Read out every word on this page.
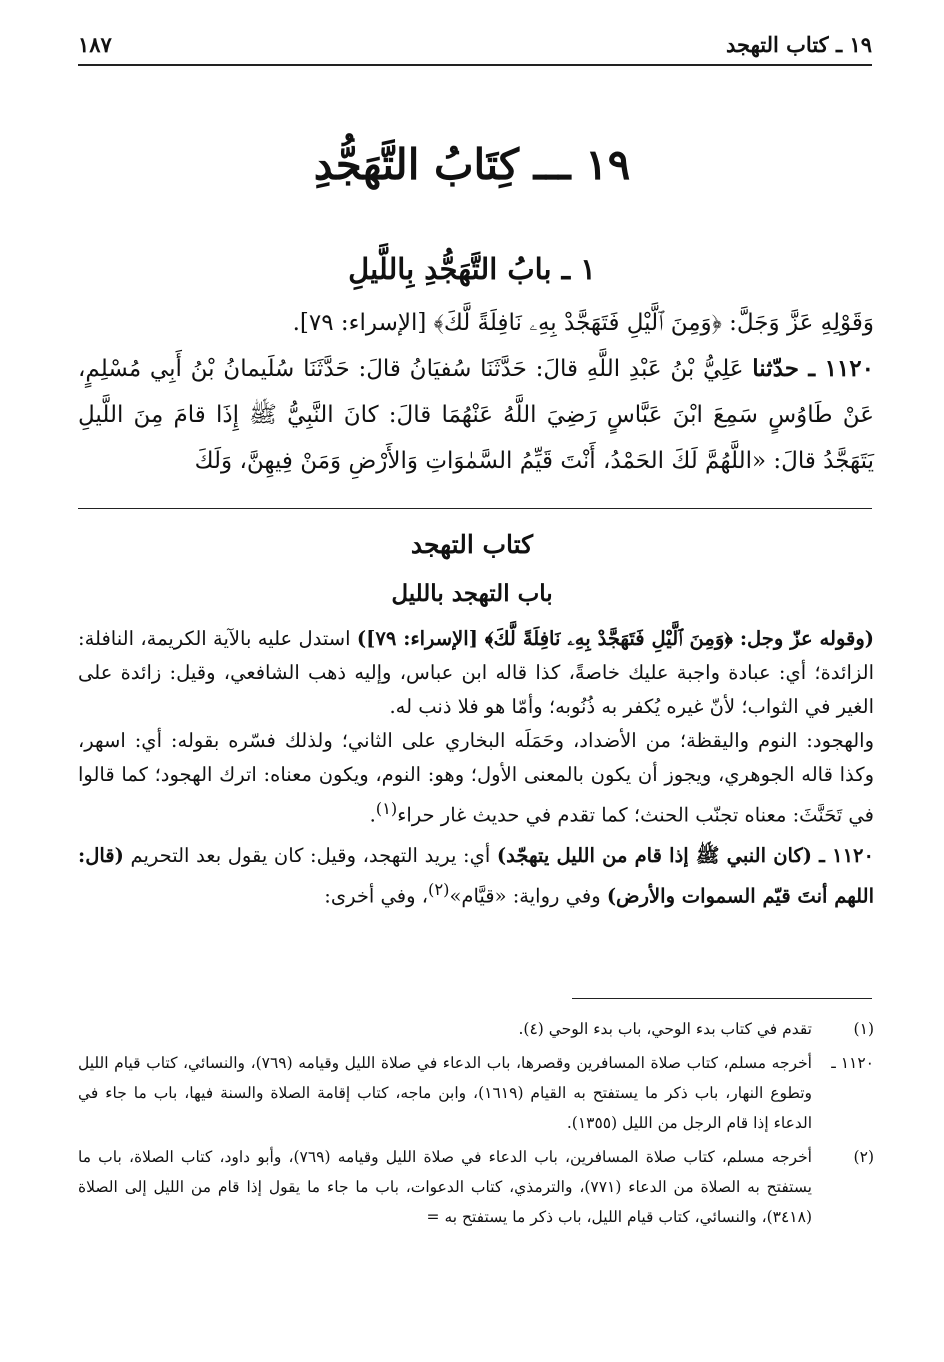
١٩ ـ كتاب التهجد
١٨٧
١٩ ـــ كِتَابُ التَّهَجُّدِ
١ ـ بابُ التَّهَجُّدِ بِاللَّيلِ

وَقَوْلِهِ عَزَّ وَجَلَّ: ﴿وَمِنَ ٱلَّيْلِ فَتَهَجَّدْ بِهِۦ نَافِلَةً لَّكَ﴾ [الإسراء: ٧٩].

١١٢٠ ـ حدّثنا عَلِيُّ بْنُ عَبْدِ اللَّهِ قالَ: حَدَّثَنَا سُفيَانُ قالَ: حَدَّثَنَا سُلَيمانُ بْنُ أَبِي مُسْلِمٍ، عَنْ طَاوُسٍ سَمِعَ ابْنَ عَبَّاسٍ رَضِيَ اللَّهُ عَنْهُمَا قالَ: كانَ النَّبِيُّ ﷺ إِذَا قامَ مِنَ اللَّيلِ يَتَهَجَّدُ قالَ: «اللَّهُمَّ لَكَ الحَمْدُ، أَنْتَ قَيِّمُ السَّمٰوَاتِ وَالأَرْضِ وَمَنْ فِيهِنَّ، وَلَكَ

كتاب التهجد
باب التهجد بالليل

(وقوله عزّ وجل: ﴿وَمِنَ ٱلَّيْلِ فَتَهَجَّدْ بِهِۦ نَافِلَةً لَّكَ﴾ [الإسراء: ٧٩]) استدل عليه بالآية الكريمة، النافلة: الزائدة؛ أي: عبادة واجبة عليك خاصةً، كذا قاله ابن عباس، وإليه ذهب الشافعي، وقيل: زائدة على الغير في الثواب؛ لأنّ غيره يُكفر به ذُنُوبه؛ وأمّا هو فلا ذنب له.

والهجود: النوم واليقظة؛ من الأضداد، وحَمَلَه البخاري على الثاني؛ ولذلك فسّره بقوله: أي: اسهر، وكذا قاله الجوهري، ويجوز أن يكون بالمعنى الأول؛ وهو: النوم، ويكون معناه: اترك الهجود؛ كما قالوا في تَحَنَّثَ: معناه تجنّب الحنث؛ كما تقدم في حديث غار حراء$^{(١)}$.

١١٢٠ ـ (كان النبي ﷺ إذا قام من الليل يتهجّد) أي: يريد التهجد، وقيل: كان يقول بعد التحريم (قال: اللهم أنتَ قيّم السموات والأرض) وفي رواية: «قيَّام»$^{(٢)}$، وفي أخرى:

(١)
تقدم في كتاب بدء الوحي، باب بدء الوحي (٤).
١١٢٠ ـ
أخرجه مسلم، كتاب صلاة المسافرين وقصرها، باب الدعاء في صلاة الليل وقيامه (٧٦٩)، والنسائي، كتاب قيام الليل وتطوع النهار، باب ذكر ما يستفتح به القيام (١٦١٩)، وابن ماجه، كتاب إقامة الصلاة والسنة فيها، باب ما جاء في الدعاء إذا قام الرجل من الليل (١٣٥٥).
(٢)
أخرجه مسلم، كتاب صلاة المسافرين، باب الدعاء في صلاة الليل وقيامه (٧٦٩)، وأبو داود، كتاب الصلاة، باب ما يستفتح به الصلاة من الدعاء (٧٧١)، والترمذي، كتاب الدعوات، باب ما جاء ما يقول إذا قام من الليل إلى الصلاة (٣٤١٨)، والنسائي، كتاب قيام الليل، باب ذكر ما يستفتح به =
